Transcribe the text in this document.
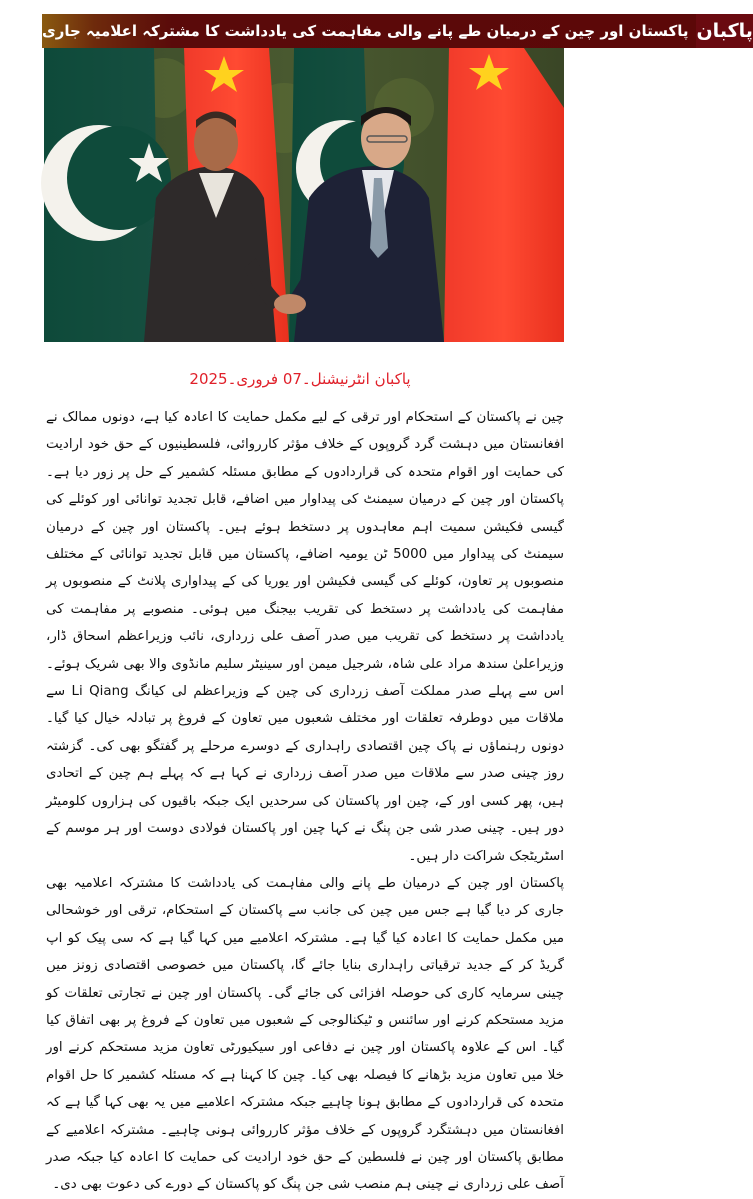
پاکستان اور چین کے درمیان طے پانے والی مفاہمت کی یادداشت کا مشترکہ اعلامیہ جاری پاکبان
پاکبان انٹرنیشنل۔07 فروری۔2025

چین نے پاکستان کے استحکام اور ترقی کے لیے مکمل حمایت کا اعادہ کیا ہے، دونوں ممالک نے افغانستان میں دہشت گرد گروپوں کے خلاف مؤثر کارروائی، فلسطینیوں کے حق خود ارادیت کی حمایت اور اقوام متحدہ کی قراردادوں کے مطابق مسئلہ کشمیر کے حل پر زور دیا ہے۔ پاکستان اور چین کے درمیان سیمنٹ کی پیداوار میں اضافے، قابل تجدید توانائی اور کوئلے کی گیسی فکیشن سمیت اہم معاہدوں پر دستخط ہوئے ہیں۔ پاکستان اور چین کے درمیان سیمنٹ کی پیداوار میں 5000 ٹن یومیہ اضافے، پاکستان میں قابل تجدید توانائی کے مختلف منصوبوں پر تعاون، کوئلے کی گیسی فکیشن اور یوریا کی کے پیداواری پلانٹ کے منصوبوں پر مفاہمت کی یادداشت پر دستخط کی تقریب بیجنگ میں ہوئی۔ منصوبے پر مفاہمت کی یادداشت پر دستخط کی تقریب میں صدر آصف علی زرداری، نائب وزیراعظم اسحاق ڈار، وزیراعلیٰ سندھ مراد علی شاہ، شرجیل میمن اور سینیٹر سلیم مانڈوی والا بھی شریک ہوئے۔ اس سے پہلے صدر مملکت آصف زرداری کی چین کے وزیراعظم لی کیانگ Li Qiang سے ملاقات میں دوطرفہ تعلقات اور مختلف شعبوں میں تعاون کے فروغ پر تبادلہ خیال کیا گیا۔ دونوں رہنماؤں نے پاک چین اقتصادی راہداری کے دوسرے مرحلے پر گفتگو بھی کی۔ گزشتہ روز چینی صدر سے ملاقات میں صدر آصف زرداری نے کہا ہے کہ پہلے ہم چین کے اتحادی ہیں، پھر کسی اور کے، چین اور پاکستان کی سرحدیں ایک جبکہ باقیوں کی ہزاروں کلومیٹر دور ہیں۔ چینی صدر شی جن پنگ نے کہا چین اور پاکستان فولادی دوست اور ہر موسم کے اسٹریٹجک شراکت دار ہیں۔

پاکستان اور چین کے درمیان طے پانے والی مفاہمت کی یادداشت کا مشترکہ اعلامیہ بھی جاری کر دیا گیا ہے جس میں چین کی جانب سے پاکستان کے استحکام، ترقی اور خوشحالی میں مکمل حمایت کا اعادہ کیا گیا ہے۔ مشترکہ اعلامیے میں کہا گیا ہے کہ سی پیک کو اپ گریڈ کر کے جدید ترقیاتی راہداری بنایا جائے گا، پاکستان میں خصوصی اقتصادی زونز میں چینی سرمایہ کاری کی حوصلہ افزائی کی جائے گی۔ پاکستان اور چین نے تجارتی تعلقات کو مزید مستحکم کرنے اور سائنس و ٹیکنالوجی کے شعبوں میں تعاون کے فروغ پر بھی اتفاق کیا گیا۔ اس کے علاوہ پاکستان اور چین نے دفاعی اور سیکیورٹی تعاون مزید مستحکم کرنے اور خلا میں تعاون مزید بڑھانے کا فیصلہ بھی کیا۔ چین کا کہنا ہے کہ مسئلہ کشمیر کا حل اقوام متحدہ کی قراردادوں کے مطابق ہونا چاہیے جبکہ مشترکہ اعلامیے میں یہ بھی کہا گیا ہے کہ افغانستان میں دہشتگرد گروپوں کے خلاف مؤثر کارروائی ہونی چاہیے۔ مشترکہ اعلامیے کے مطابق پاکستان اور چین نے فلسطین کے حق خود ارادیت کی حمایت کا اعادہ کیا جبکہ صدر آصف علی زرداری نے چینی ہم منصب شی جن پنگ کو پاکستان کے دورے کی دعوت بھی دی۔
